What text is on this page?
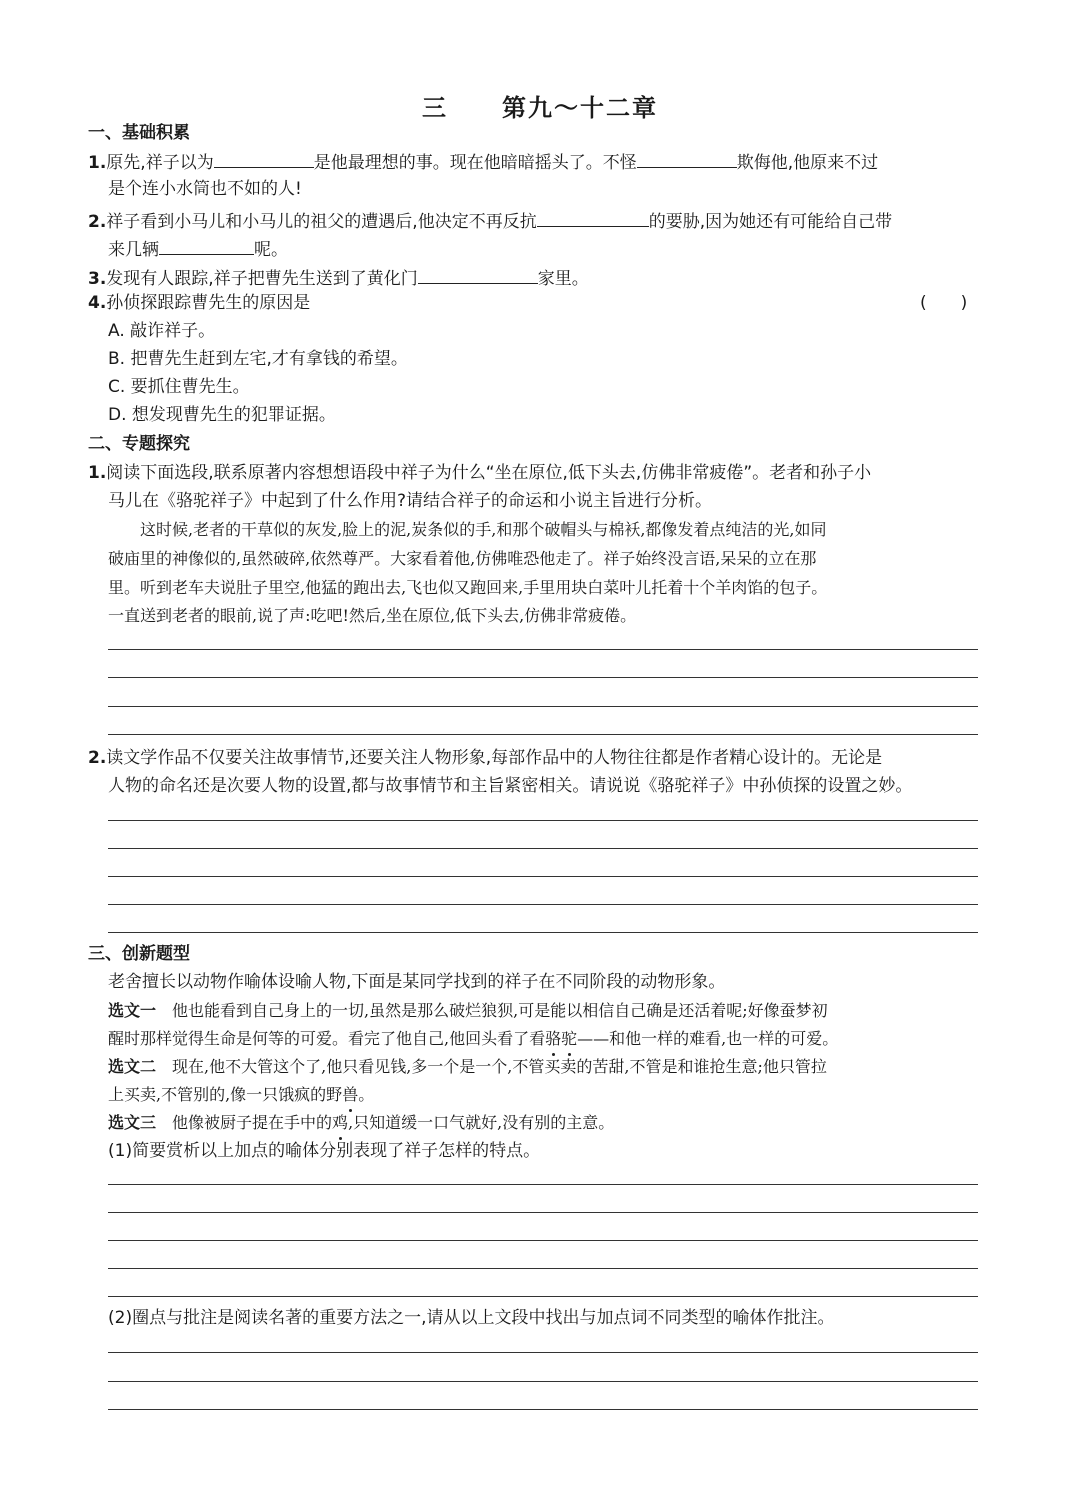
三 第九～十二章
一、基础积累
1.原先,祥子以为	是他最理想的事。现在他暗暗摇头了。不怪	欺侮他,他原来不过
是个连小水筒也不如的人!
2.祥子看到小马儿和小马儿的祖父的遭遇后,他决定不再反抗	的要胁,因为她还有可能给自己带
来几辆	呢。
3.发现有人跟踪,祥子把曹先生送到了黄化门	家里。
4.孙侦探跟踪曹先生的原因是	(　　)
A. 敲诈祥子。
B. 把曹先生赶到左宅,才有拿钱的希望。
C. 要抓住曹先生。
D. 想发现曹先生的犯罪证据。
二、专题探究
1.阅读下面选段,联系原著内容想想语段中祥子为什么“坐在原位,低下头去,仿佛非常疲倦”。老者和孙子小
马儿在《骆驼祥子》中起到了什么作用?请结合祥子的命运和小说主旨进行分析。
这时候,老者的干草似的灰发,脸上的泥,炭条似的手,和那个破帽头与棉袄,都像发着点纯洁的光,如同
破庙里的神像似的,虽然破碎,依然尊严。大家看着他,仿佛唯恐他走了。祥子始终没言语,呆呆的立在那
里。听到老车夫说肚子里空,他猛的跑出去,飞也似又跑回来,手里用块白菜叶儿托着十个羊肉馅的包子。
一直送到老者的眼前,说了声:吃吧!然后,坐在原位,低下头去,仿佛非常疲倦。
2.读文学作品不仅要关注故事情节,还要关注人物形象,每部作品中的人物往往都是作者精心设计的。无论是
人物的命名还是次要人物的设置,都与故事情节和主旨紧密相关。请说说《骆驼祥子》中孙侦探的设置之妙。
三、创新题型
老舍擅长以动物作喻体设喻人物,下面是某同学找到的祥子在不同阶段的动物形象。
选文一　 他也能看到自己身上的一切,虽然是那么破烂狼狈,可是能以相信自己确是还活着呢;好像蚕梦初
醒时那样觉得生命是何等的可爱。看完了他自己,他回头看了看骆驼——和他一样的难看,也一样的可爱。
选文二　 现在,他不大管这个了,他只看见钱,多一个是一个,不管买卖的苦甜,不管是和谁抢生意;他只管拉
上买卖,不管别的,像一只饿疯的野兽。
选文三　 他像被厨子提在手中的鸡,只知道缓一口气就好,没有别的主意。
(1)简要赏析以上加点的喻体分别表现了祥子怎样的特点。
(2)圈点与批注是阅读名著的重要方法之一,请从以上文段中找出与加点词不同类型的喻体作批注。
